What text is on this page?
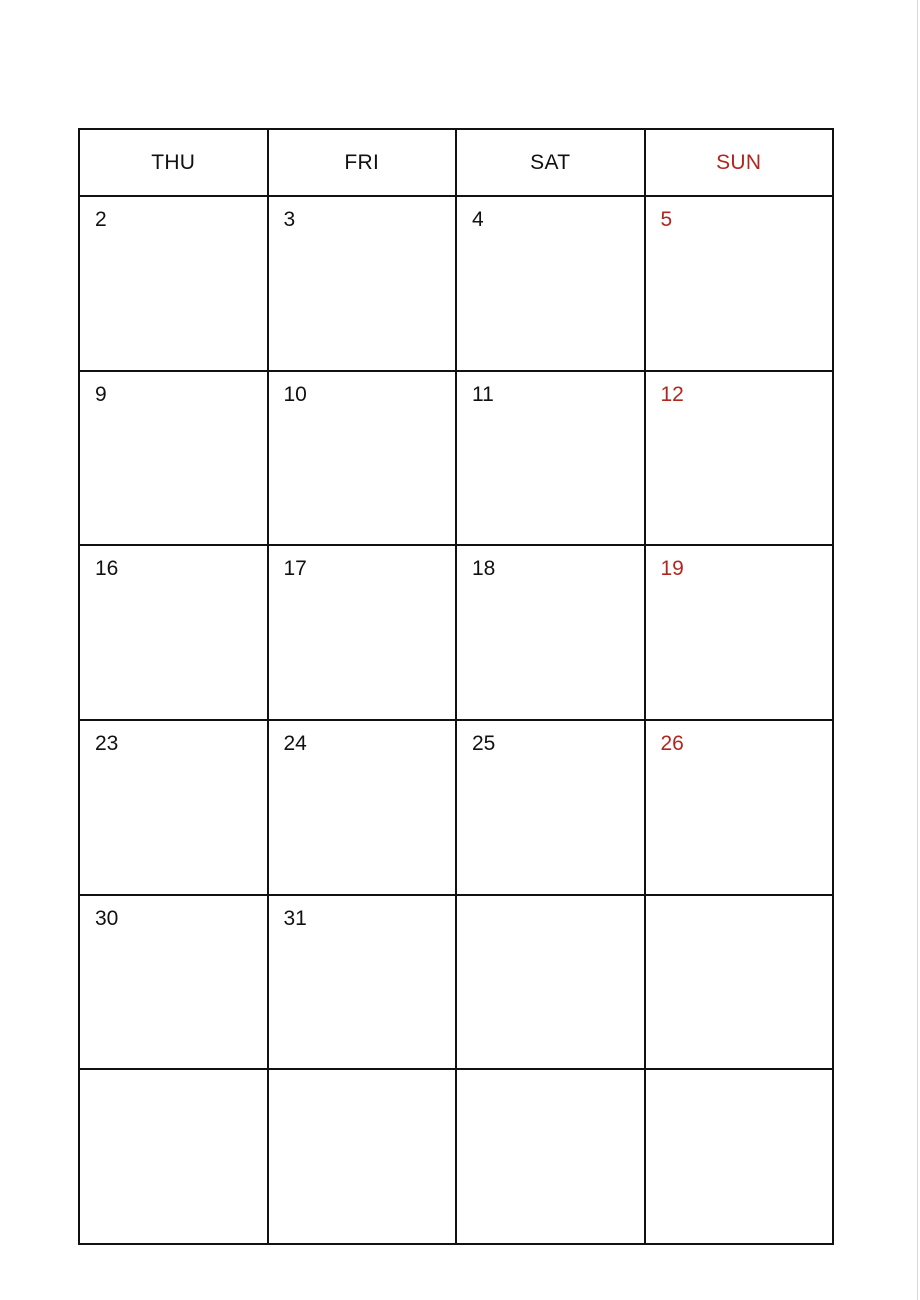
THU	FRI	SAT	SUN
2	3	4	5
9	10	11	12
16	17	18	19
23	24	25	26
30	31
